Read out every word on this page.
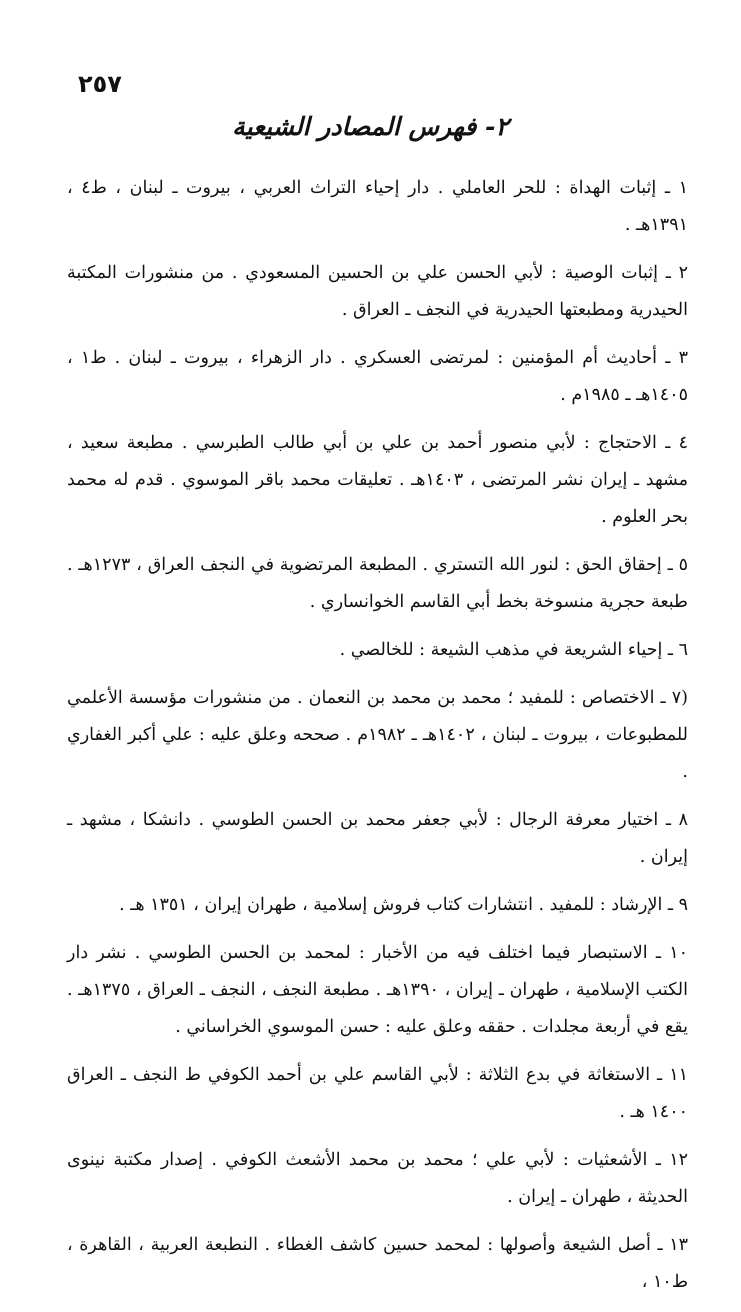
٢٥٧
٢- فهرس المصادر الشيعية

١ ـ إثبات الهداة : للحر العاملي . دار إحياء التراث العربي ، بيروت ـ لبنان ، ط٤ ، ١٣٩١هـ .

٢ ـ إثبات الوصية : لأبي الحسن علي بن الحسين المسعودي . من منشورات المكتبة الحيدرية ومطبعتها الحيدرية في النجف ـ العراق .

٣ ـ أحاديث أم المؤمنين : لمرتضى العسكري . دار الزهراء ، بيروت ـ لبنان . ط١ ، ١٤٠٥هـ ـ ١٩٨٥م .

٤ ـ الاحتجاج : لأبي منصور أحمد بن علي بن أبي طالب الطبرسي . مطبعة سعيد ، مشهد ـ إيران نشر المرتضى ، ١٤٠٣هـ . تعليقات محمد باقر الموسوي . قدم له محمد بحر العلوم .

٥ ـ إحقاق الحق : لنور الله التستري . المطبعة المرتضوية في النجف العراق ، ١٢٧٣هـ . طبعة حجرية منسوخة بخط أبي القاسم الخوانساري .

٦ ـ إحياء الشريعة في مذهب الشيعة : للخالصي .

(٧ ـ الاختصاص : للمفيد ؛ محمد بن محمد بن النعمان . من منشورات مؤسسة الأعلمي للمطبوعات ، بيروت ـ لبنان ، ١٤٠٢هـ ـ ١٩٨٢م . صححه وعلق عليه : علي أكبر الغفاري .

٨ ـ اختيار معرفة الرجال : لأبي جعفر محمد بن الحسن الطوسي . دانشكا ، مشهد ـ إيران .

٩ ـ الإرشاد : للمفيد . انتشارات كتاب فروش إسلامية ، طهران إيران ، ١٣٥١ هـ .

١٠ ـ الاستبصار فيما اختلف فيه من الأخبار : لمحمد بن الحسن الطوسي . نشر دار الكتب الإسلامية ، طهران ـ إيران ، ١٣٩٠هـ . مطبعة النجف ، النجف ـ العراق ، ١٣٧٥هـ . يقع في أربعة مجلدات . حققه وعلق عليه : حسن الموسوي الخراساني .

١١ ـ الاستغاثة في بدع الثلاثة : لأبي القاسم علي بن أحمد الكوفي ط النجف ـ العراق ١٤٠٠ هـ .

١٢ ـ الأشعثيات : لأبي علي ؛ محمد بن محمد الأشعث الكوفي . إصدار مكتبة نينوى الحديثة ، طهران ـ إيران .

١٣ ـ أصل الشيعة وأصولها : لمحمد حسين كاشف الغطاء . النطبعة العربية ، القاهرة ، ط١٠ ،
